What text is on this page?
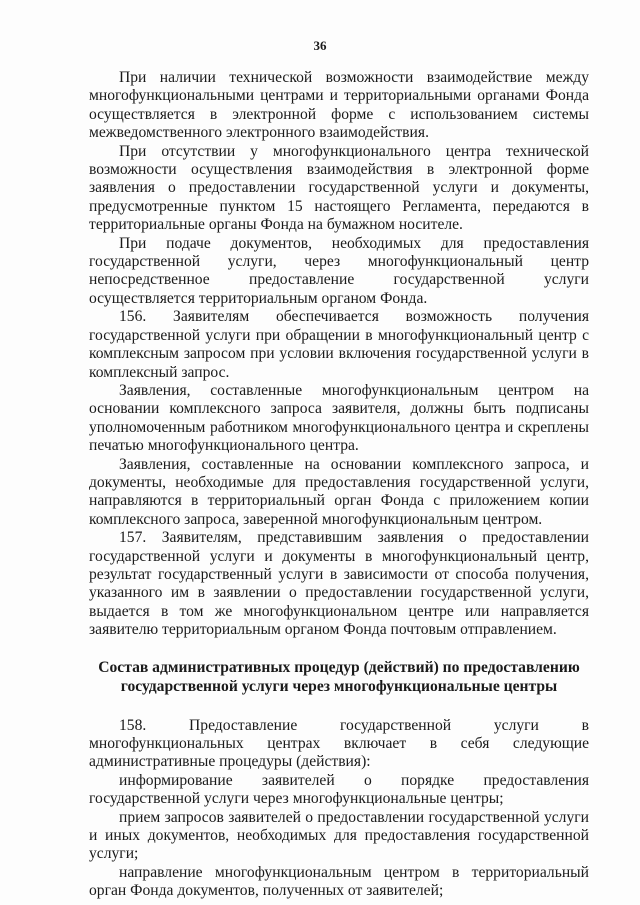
36

При наличии технической возможности взаимодействие между многофункциональными центрами и территориальными органами Фонда осуществляется в электронной форме с использованием системы межведомственного электронного взаимодействия.

При отсутствии у многофункционального центра технической возможности осуществления взаимодействия в электронной форме заявления о предоставлении государственной услуги и документы, предусмотренные пунктом 15 настоящего Регламента, передаются в территориальные органы Фонда на бумажном носителе.

При подаче документов, необходимых для предоставления государственной услуги, через многофункциональный центр непосредственное предоставление государственной услуги осуществляется территориальным органом Фонда.

156. Заявителям обеспечивается возможность получения государственной услуги при обращении в многофункциональный центр с комплексным запросом при условии включения государственной услуги в комплексный запрос.

Заявления, составленные многофункциональным центром на основании комплексного запроса заявителя, должны быть подписаны уполномоченным работником многофункционального центра и скреплены печатью многофункционального центра.

Заявления, составленные на основании комплексного запроса, и документы, необходимые для предоставления государственной услуги, направляются в территориальный орган Фонда с приложением копии комплексного запроса, заверенной многофункциональным центром.

157. Заявителям, представившим заявления о предоставлении государственной услуги и документы в многофункциональный центр, результат государственный услуги в зависимости от способа получения, указанного им в заявлении о предоставлении государственной услуги, выдается в том же многофункциональном центре или направляется заявителю территориальным органом Фонда почтовым отправлением.

Состав административных процедур (действий) по предоставлению государственной услуги через многофункциональные центры

158. Предоставление государственной услуги в многофункциональных центрах включает в себя следующие административные процедуры (действия):

информирование заявителей о порядке предоставления государственной услуги через многофункциональные центры;

прием запросов заявителей о предоставлении государственной услуги и иных документов, необходимых для предоставления государственной услуги;

направление многофункциональным центром в территориальный орган Фонда документов, полученных от заявителей;
